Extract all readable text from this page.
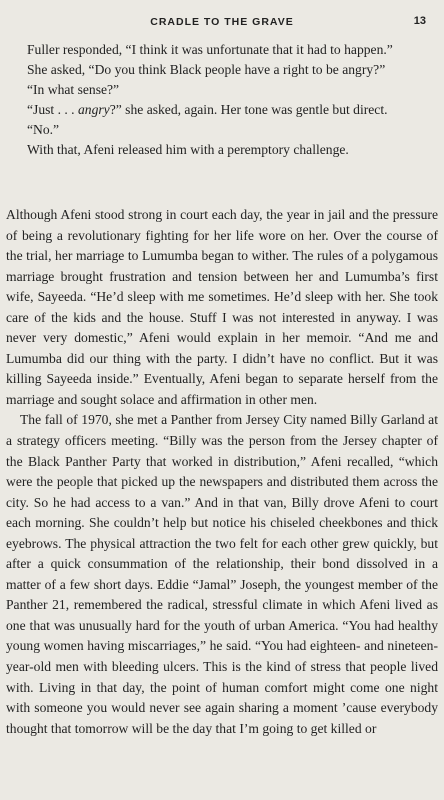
CRADLE TO THE GRAVE	13

Fuller responded, “I think it was unfortunate that it had to happen.”

She asked, “Do you think Black people have a right to be angry?”

“In what sense?”

“Just . . . angry?” she asked, again. Her tone was gentle but direct.

“No.”

With that, Afeni released him with a peremptory challenge.

Although Afeni stood strong in court each day, the year in jail and the pressure of being a revolutionary fighting for her life wore on her. Over the course of the trial, her marriage to Lumumba began to wither. The rules of a polygamous marriage brought frustration and tension between her and Lumumba’s first wife, Sayeeda. “He’d sleep with me sometimes. He’d sleep with her. She took care of the kids and the house. Stuff I was not interested in anyway. I was never very domestic,” Afeni would explain in her memoir. “And me and Lumumba did our thing with the party. I didn’t have no conflict. But it was killing Sayeeda inside.” Eventually, Afeni began to separate herself from the marriage and sought solace and affirmation in other men.

The fall of 1970, she met a Panther from Jersey City named Billy Garland at a strategy officers meeting. “Billy was the person from the Jersey chapter of the Black Panther Party that worked in distribution,” Afeni recalled, “which were the people that picked up the newspapers and distributed them across the city. So he had access to a van.” And in that van, Billy drove Afeni to court each morning. She couldn’t help but notice his chiseled cheekbones and thick eyebrows. The physical attraction the two felt for each other grew quickly, but after a quick consummation of the relationship, their bond dissolved in a matter of a few short days. Eddie “Jamal” Joseph, the youngest member of the Panther 21, remembered the radical, stressful climate in which Afeni lived as one that was unusually hard for the youth of urban America. “You had healthy young women having miscarriages,” he said. “You had eighteen- and nineteen-year-old men with bleeding ulcers. This is the kind of stress that people lived with. Living in that day, the point of human comfort might come one night with someone you would never see again sharing a moment ’cause everybody thought that tomorrow will be the day that I’m going to get killed or
